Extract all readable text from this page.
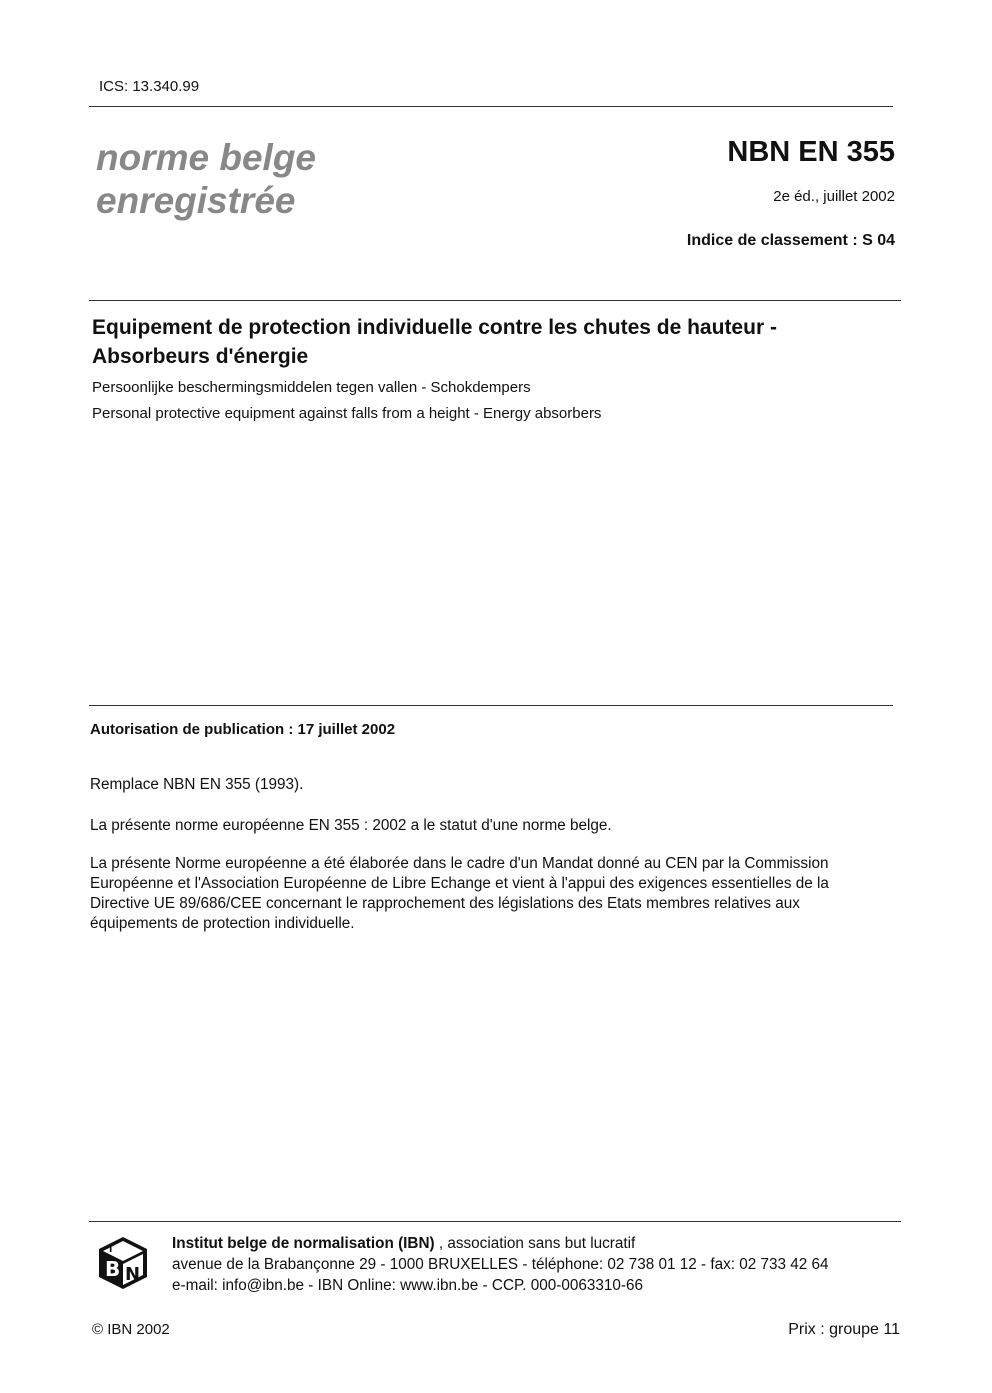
ICS: 13.340.99
norme belge
enregistrée
NBN EN 355
2e éd., juillet 2002
Indice de classement : S 04
Equipement de protection individuelle contre les chutes de hauteur -
Absorbeurs d'énergie
Persoonlijke beschermingsmiddelen tegen vallen - Schokdempers
Personal protective equipment against falls from a height - Energy absorbers
Autorisation de publication : 17 juillet 2002
Remplace NBN EN 355 (1993).
La présente norme européenne EN 355 : 2002 a le statut d'une norme belge.
La présente Norme européenne a été élaborée dans le cadre d'un Mandat donné au CEN par la Commission
Européenne et l'Association Européenne de Libre Echange et vient à l'appui des exigences essentielles de la
Directive UE 89/686/CEE concernant le rapprochement des législations des Etats membres relatives aux
équipements de protection individuelle.
I
B N
Institut belge de normalisation (IBN) , association sans but lucratif
avenue de la Brabançonne 29 - 1000 BRUXELLES - téléphone: 02 738 01 12 - fax: 02 733 42 64
e-mail: info@ibn.be - IBN Online: www.ibn.be - CCP. 000-0063310-66
© IBN 2002	Prix : groupe 11
